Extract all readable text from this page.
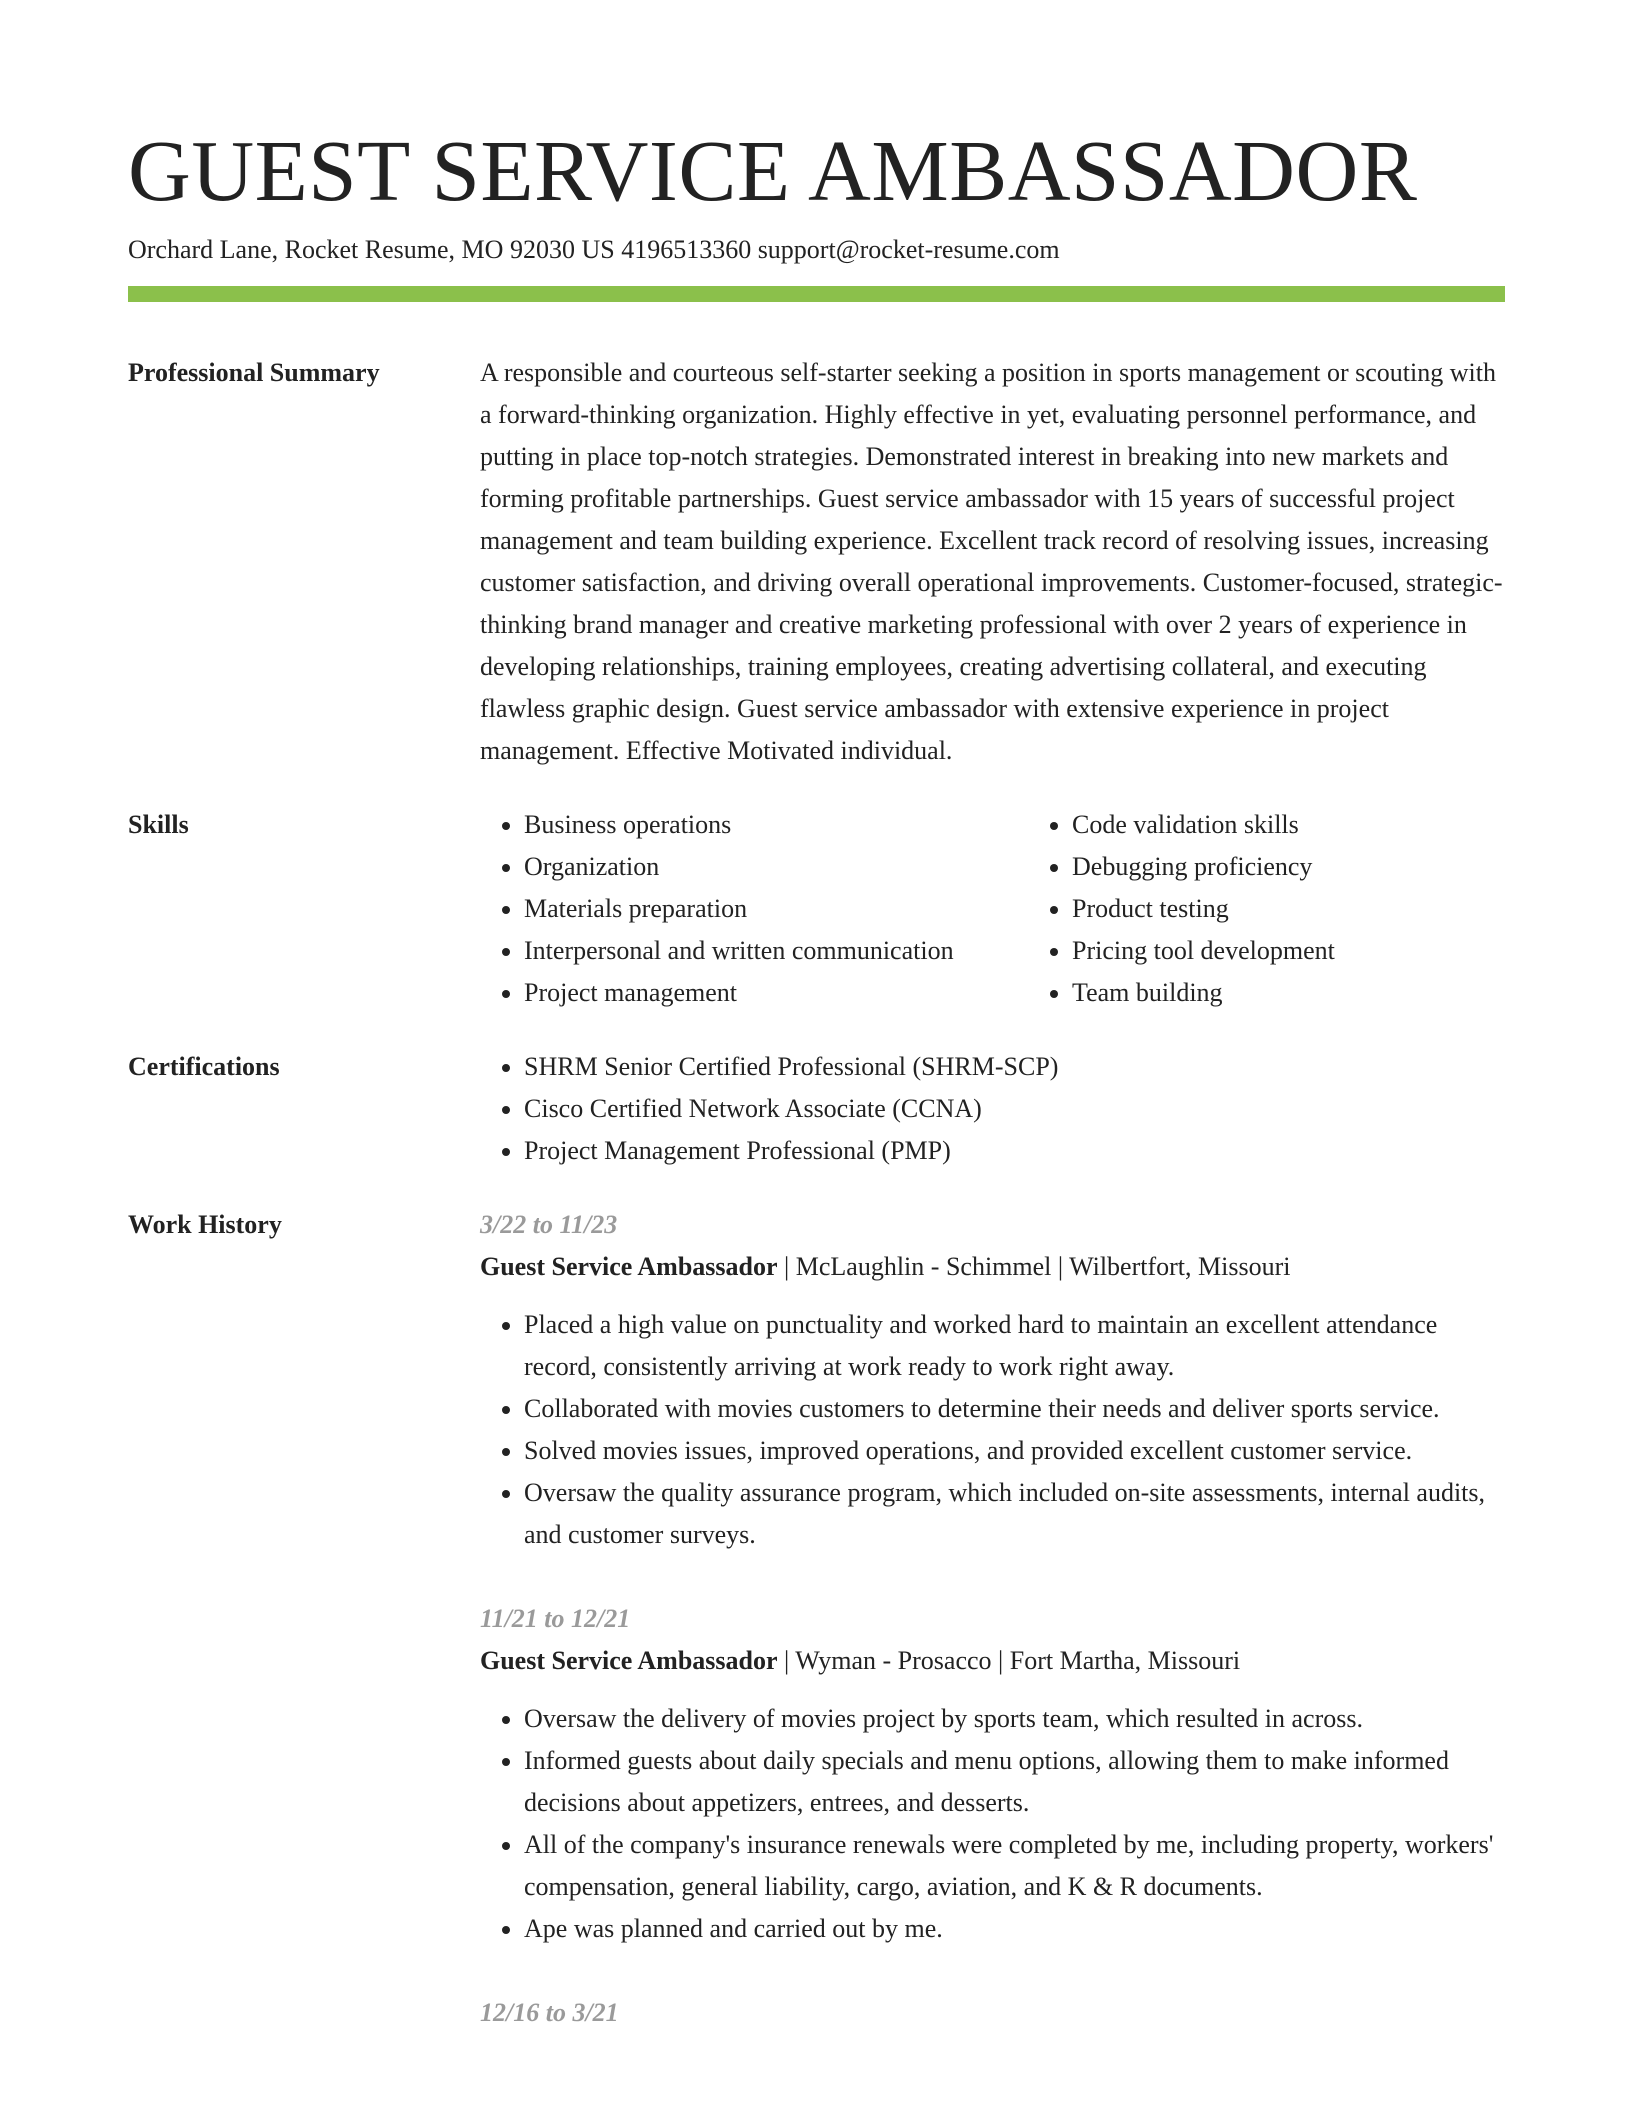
GUEST SERVICE AMBASSADOR
Orchard Lane, Rocket Resume, MO 92030 US 4196513360 support@rocket-resume.com
Professional Summary	A responsible and courteous self-starter seeking a position in sports management or scouting with a forward-thinking organization. Highly effective in yet, evaluating personnel performance, and putting in place top-notch strategies. Demonstrated interest in breaking into new markets and forming profitable partnerships. Guest service ambassador with 15 years of successful project management and team building experience. Excellent track record of resolving issues, increasing customer satisfaction, and driving overall operational improvements. Customer-focused, strategic-thinking brand manager and creative marketing professional with over 2 years of experience in developing relationships, training employees, creating advertising collateral, and executing flawless graphic design. Guest service ambassador with extensive experience in project management. Effective Motivated individual.
Skills	• Business operations
• Organization
• Materials preparation
• Interpersonal and written communication
• Project management
• Code validation skills
• Debugging proficiency
• Product testing
• Pricing tool development
• Team building
Certifications	• SHRM Senior Certified Professional (SHRM-SCP)
• Cisco Certified Network Associate (CCNA)
• Project Management Professional (PMP)
Work History	3/22 to 11/23
Guest Service Ambassador | McLaughlin - Schimmel | Wilbertfort, Missouri
• Placed a high value on punctuality and worked hard to maintain an excellent attendance record, consistently arriving at work ready to work right away.
• Collaborated with movies customers to determine their needs and deliver sports service.
• Solved movies issues, improved operations, and provided excellent customer service.
• Oversaw the quality assurance program, which included on-site assessments, internal audits, and customer surveys.
11/21 to 12/21
Guest Service Ambassador | Wyman - Prosacco | Fort Martha, Missouri
• Oversaw the delivery of movies project by sports team, which resulted in across.
• Informed guests about daily specials and menu options, allowing them to make informed decisions about appetizers, entrees, and desserts.
• All of the company's insurance renewals were completed by me, including property, workers' compensation, general liability, cargo, aviation, and K & R documents.
• Ape was planned and carried out by me.
12/16 to 3/21
